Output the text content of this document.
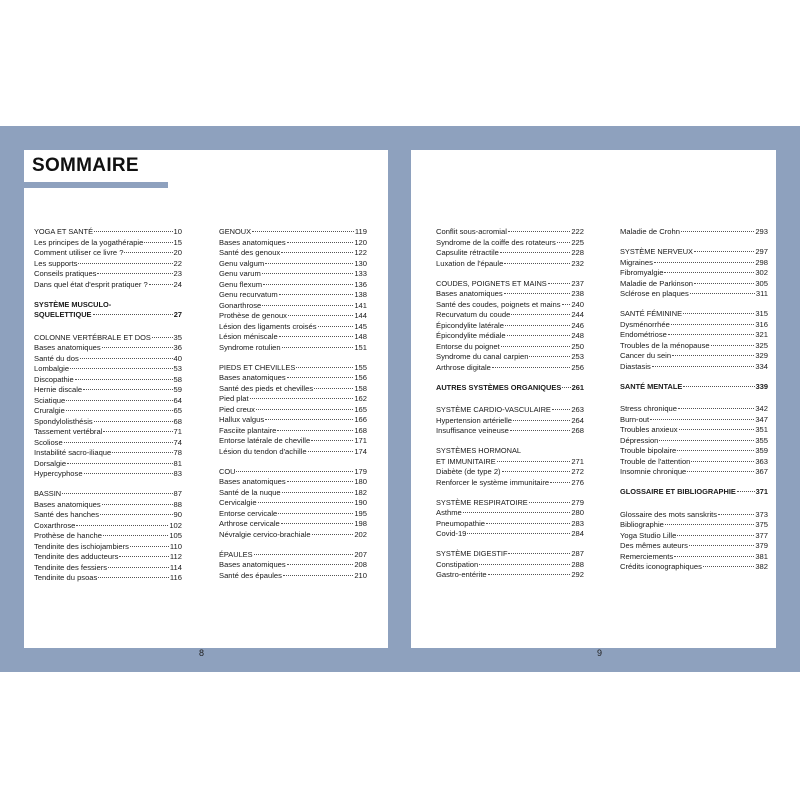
SOMMAIRE
YOGA ET SANTÉ	10
Les principes de la yogathérapie	15
Comment utiliser ce livre ?	20
Les supports	22
Conseils pratiques	23
Dans quel état d'esprit pratiquer ?	24
SYSTÈME MUSCULO-
SQUELETTIQUE	27
COLONNE VERTÉBRALE ET DOS	35
Bases anatomiques	36
Santé du dos	40
Lombalgie	53
Discopathie	58
Hernie discale	59
Sciatique	64
Cruralgie	65
Spondylolisthésis	68
Tassement vertébral	71
Scoliose	74
Instabilité sacro-iliaque	78
Dorsalgie	81
Hypercyphose	83
BASSIN	87
Bases anatomiques	88
Santé des hanches	90
Coxarthrose	102
Prothèse de hanche	105
Tendinite des ischiojambiers	110
Tendinite des adducteurs	112
Tendinite des fessiers	114
Tendinite du psoas	116
GENOUX	119
Bases anatomiques	120
Santé des genoux	122
Genu valgum	130
Genu varum	133
Genu flexum	136
Genu recurvatum	138
Gonarthrose	141
Prothèse de genoux	144
Lésion des ligaments croisés	145
Lésion méniscale	148
Syndrome rotulien	151
PIEDS ET CHEVILLES	155
Bases anatomiques	156
Santé des pieds et chevilles	158
Pied plat	162
Pied creux	165
Hallux valgus	166
Fasciite plantaire	168
Entorse latérale de cheville	171
Lésion du tendon d'achille	174
COU	179
Bases anatomiques	180
Santé de la nuque	182
Cervicalgie	190
Entorse cervicale	195
Arthrose cervicale	198
Névralgie cervico-brachiale	202
ÉPAULES	207
Bases anatomiques	208
Santé des épaules	210
Conflit sous-acromial	222
Syndrome de la coiffe des rotateurs 225
Capsulite rétractile	228
Luxation de l'épaule	232
COUDES, POIGNETS ET MAINS	237
Bases anatomiques	238
Santé des coudes, poignets et mains 240
Recurvatum du coude	244
Épicondylite latérale	246
Épicondylite médiale	248
Entorse du poignet	250
Syndrome du canal carpien	253
Arthrose digitale	256
AUTRES SYSTÈMES ORGANIQUES 261
SYSTÈME CARDIO-VASCULAIRE	263
Hypertension artérielle	264
Insuffisance veineuse	268
SYSTÈMES HORMONAL
ET IMMUNITAIRE	271
Diabète (de type 2)	272
Renforcer le système immunitaire	276
SYSTÈME RESPIRATOIRE	279
Asthme	280
Pneumopathie	283
Covid-19	284
SYSTÈME DIGESTIF	287
Constipation	288
Gastro-entérite	292
Maladie de Crohn	293
SYSTÈME NERVEUX	297
Migraines	298
Fibromyalgie	302
Maladie de Parkinson	305
Sclérose en plaques	311
SANTÉ FÉMININE	315
Dysménorrhée	316
Endométriose	321
Troubles de la ménopause	325
Cancer du sein	329
Diastasis	334
SANTÉ MENTALE	339
Stress chronique	342
Burn-out	347
Troubles anxieux	351
Dépression	355
Trouble bipolaire	359
Trouble de l'attention	363
Insomnie chronique	367
GLOSSAIRE ET BIBLIOGRAPHIE	371
Glossaire des mots sanskrits	373
Bibliographie	375
Yoga Studio Lille	377
Des mêmes auteurs	379
Remerciements	381
Crédits iconographiques	382
8	9
